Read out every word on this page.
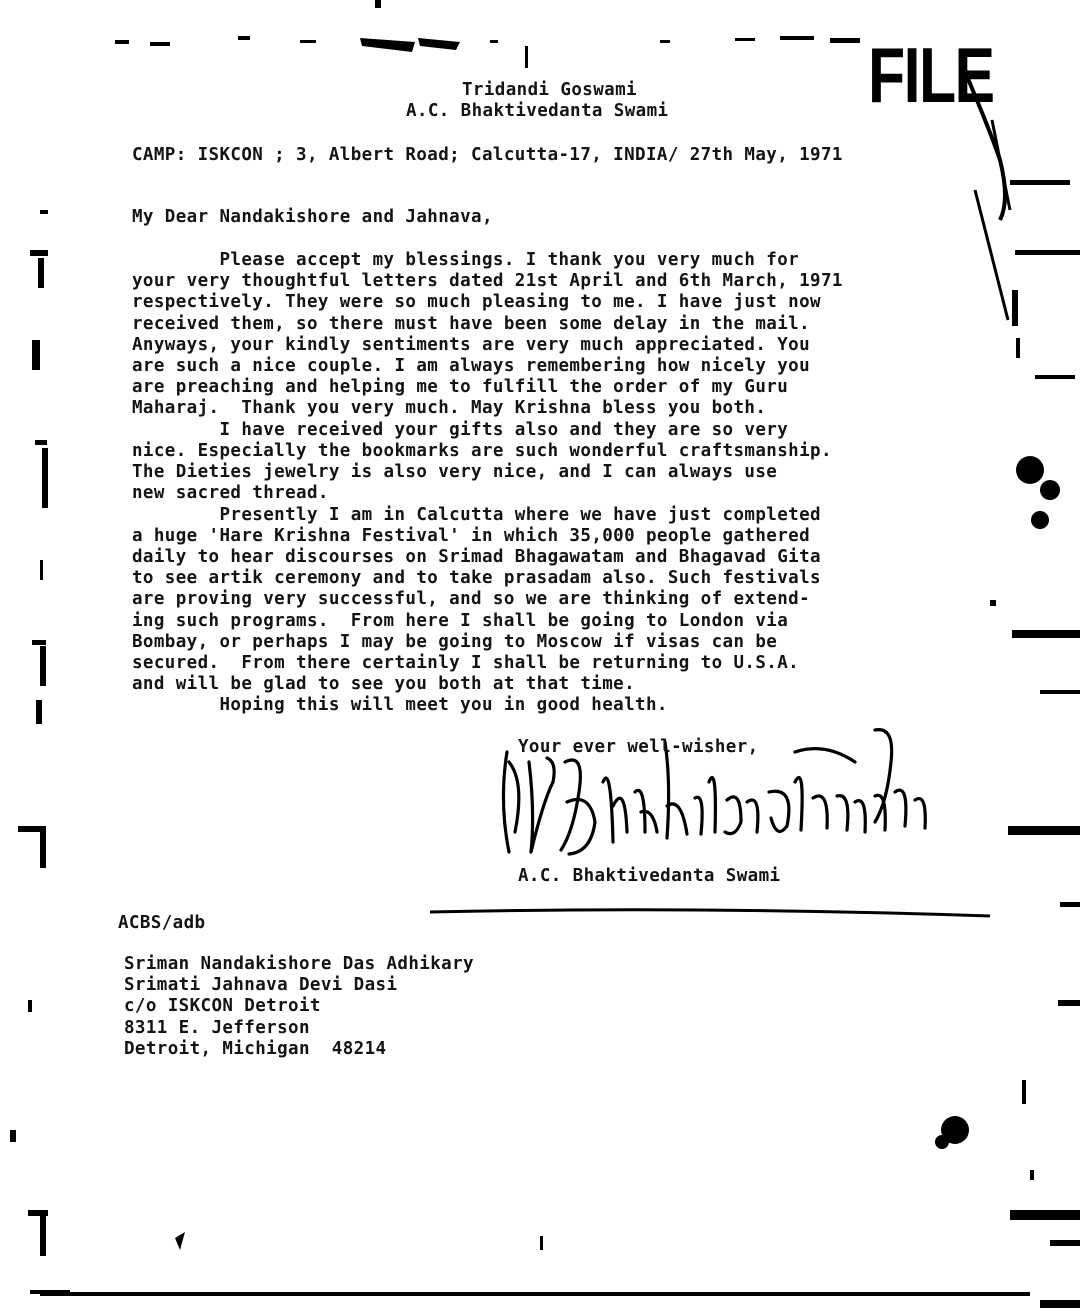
FILE
Tridandi Goswami
A.C. Bhaktivedanta Swami
CAMP: ISKCON ; 3, Albert Road; Calcutta-17, INDIA/ 27th May, 1971
My Dear Nandakishore and Jahnava,
Please accept my blessings. I thank you very much for
your very thoughtful letters dated 21st April and 6th March, 1971
respectively. They were so much pleasing to me. I have just now
received them, so there must have been some delay in the mail.
Anyways, your kindly sentiments are very much appreciated. You
are such a nice couple. I am always remembering how nicely you
are preaching and helping me to fulfill the order of my Guru
Maharaj.  Thank you very much. May Krishna bless you both.
I have received your gifts also and they are so very
nice. Especially the bookmarks are such wonderful craftsmanship.
The Dieties jewelry is also very nice, and I can always use
new sacred thread.
Presently I am in Calcutta where we have just completed
a huge 'Hare Krishna Festival' in which 35,000 people gathered
daily to hear discourses on Srimad Bhagawatam and Bhagavad Gita
to see artik ceremony and to take prasadam also. Such festivals
are proving very successful, and so we are thinking of extend-
ing such programs.  From here I shall be going to London via
Bombay, or perhaps I may be going to Moscow if visas can be
secured.  From there certainly I shall be returning to U.S.A.
and will be glad to see you both at that time.
Hoping this will meet you in good health.
Your ever well-wisher,
A.C. Bhaktivedanta Swami
ACBS/adb
Sriman Nandakishore Das Adhikary
Srimati Jahnava Devi Dasi
c/o ISKCON Detroit
8311 E. Jefferson
Detroit, Michigan  48214
